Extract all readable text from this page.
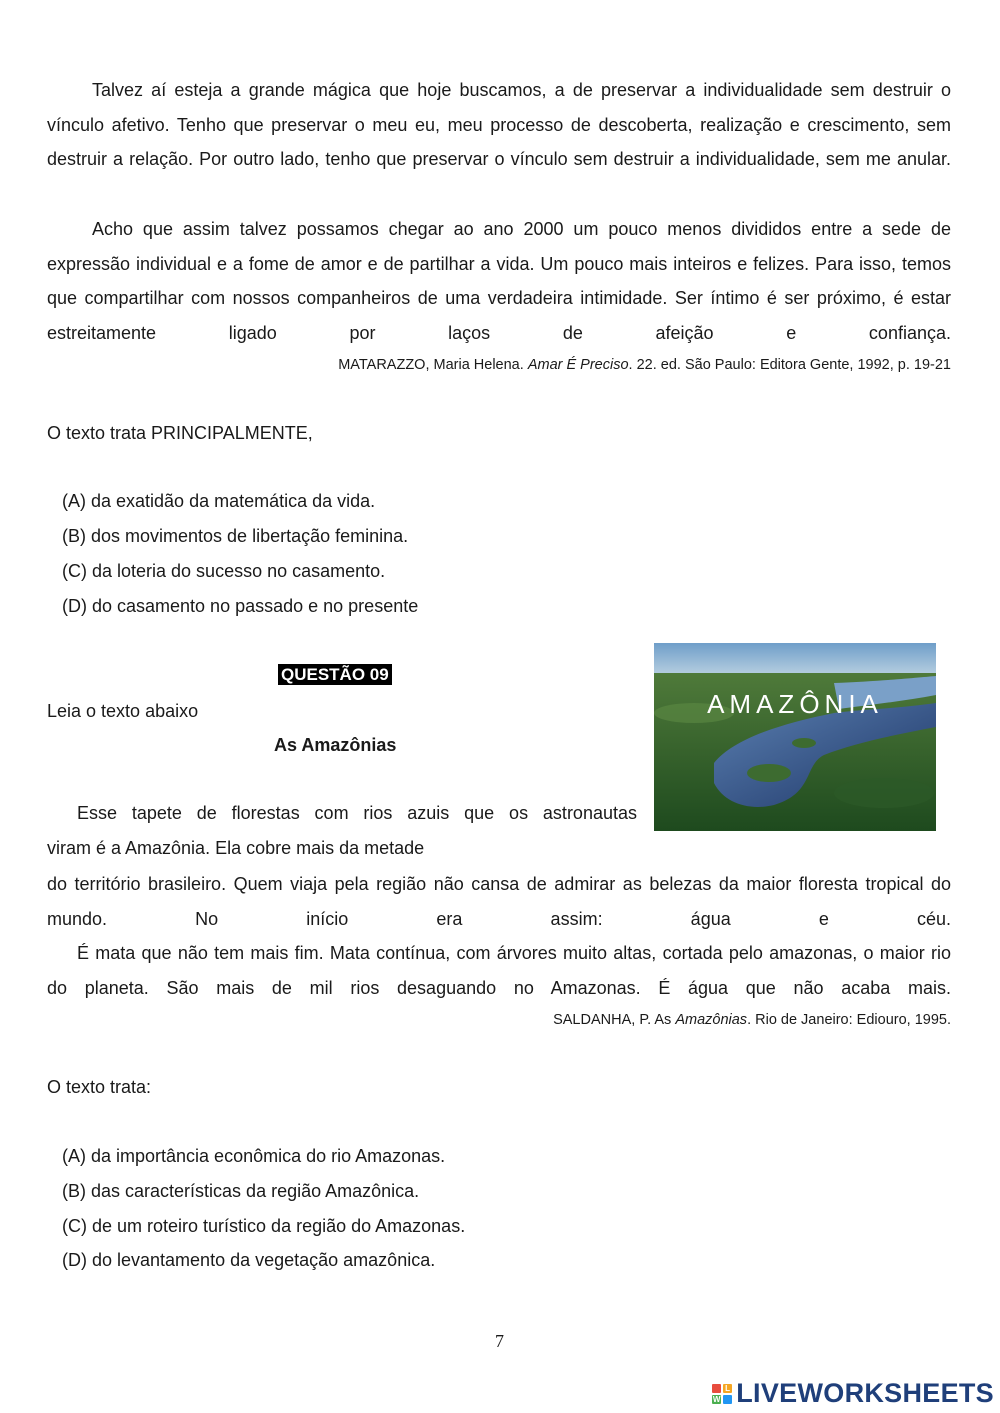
Talvez aí esteja a grande mágica que hoje buscamos, a de preservar a individualidade sem destruir o vínculo afetivo. Tenho que preservar o meu eu, meu processo de descoberta, realização e crescimento, sem destruir a relação. Por outro lado, tenho que preservar o vínculo sem destruir a individualidade, sem me anular.
Acho que assim talvez possamos chegar ao ano 2000 um pouco menos divididos entre a sede de expressão individual e a fome de amor e de partilhar a vida. Um pouco mais inteiros e felizes. Para isso, temos que compartilhar com nossos companheiros de uma verdadeira intimidade. Ser íntimo é ser próximo, é estar estreitamente ligado por laços de afeição e confiança.
MATARAZZO, Maria Helena. Amar É Preciso. 22. ed. São Paulo: Editora Gente, 1992, p. 19-21
O texto trata PRINCIPALMENTE,
(A) da exatidão da matemática da vida.
(B) dos movimentos de libertação feminina.
(C) da loteria do sucesso no casamento.
(D) do casamento no passado e no presente
QUESTÃO 09
Leia o texto abaixo
As Amazônias
AMAZÔNIA
Esse tapete de florestas com rios azuis que os astronautas
viram é a Amazônia. Ela cobre mais da metade
do território brasileiro. Quem viaja pela região não cansa de admirar as belezas da maior floresta tropical do mundo. No início era assim: água e céu.
É mata que não tem mais fim. Mata contínua, com árvores muito altas, cortada pelo amazonas, o maior rio do planeta. São mais de mil rios desaguando no Amazonas. É água que não acaba mais.
SALDANHA, P. As Amazônias. Rio de Janeiro: Ediouro, 1995.
O texto trata:
(A) da importância econômica do rio Amazonas.
(B) das características da região Amazônica.
(C) de um roteiro turístico da região do Amazonas.
(D) do levantamento da vegetação amazônica.
7
L
W LIVEWORKSHEETS
